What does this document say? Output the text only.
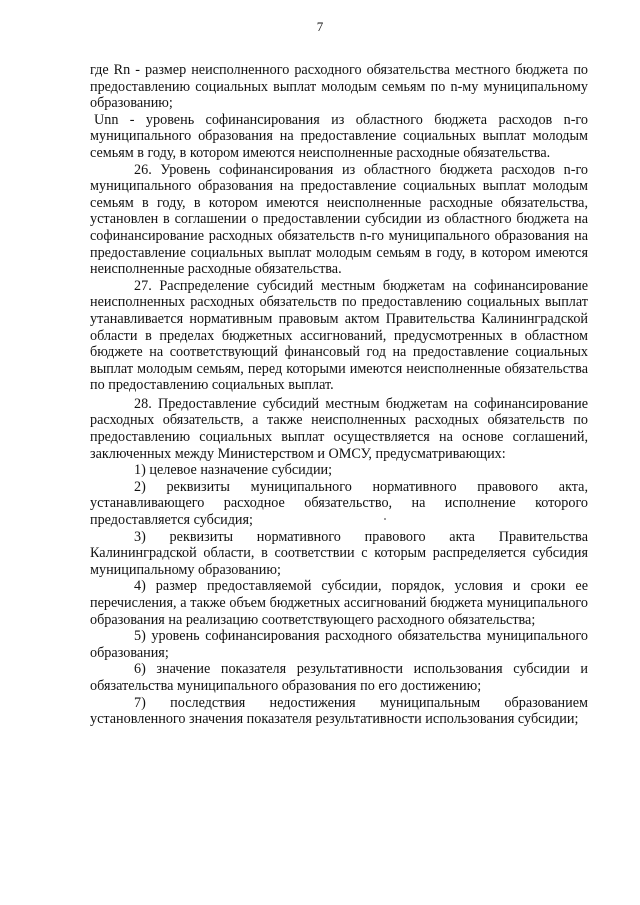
7

где Rn - размер неисполненного расходного обязательства местного бюджета по предоставлению социальных выплат молодым семьям по n-му муниципальному образованию;

Unn - уровень софинансирования из областного бюджета расходов n-го муниципального образования на предоставление социальных выплат молодым семьям в году, в котором имеются неисполненные расходные обязательства.

26. Уровень софинансирования из областного бюджета расходов n-го муниципального образования на предоставление социальных выплат молодым семьям в году, в котором имеются неисполненные расходные обязательства, установлен в соглашении о предоставлении субсидии из областного бюджета на софинансирование расходных обязательств n-го муниципального образования на предоставление социальных выплат молодым семьям в году, в котором имеются неисполненные расходные обязательства.

27. Распределение субсидий местным бюджетам на софинансирование неисполненных расходных обязательств по предоставлению социальных выплат утанавливается нормативным правовым актом Правительства Калининградской области в пределах бюджетных ассигнований, предусмотренных в областном бюджете на соответствующий финансовый год на предоставление социальных выплат молодым семьям, перед которыми имеются неисполненные обязательства по предоставлению социальных выплат.

28. Предоставление субсидий местным бюджетам на софинансирование расходных обязательств, а также неисполненных расходных обязательств по предоставлению социальных выплат осуществляется на основе соглашений, заключенных между Министерством и ОМСУ, предусматривающих:

1) целевое назначение субсидии;

2) реквизиты муниципального нормативного правового акта, устанавливающего расходное обязательство, на исполнение которого предоставляется субсидия;

3) реквизиты нормативного правового акта Правительства Калининградской области, в соответствии с которым распределяется субсидия муниципальному образованию;

4) размер предоставляемой субсидии, порядок, условия и сроки ее перечисления, а также объем бюджетных ассигнований бюджета муниципального образования на реализацию соответствующего расходного обязательства;

5) уровень софинансирования расходного обязательства муниципального образования;

6) значение показателя результативности использования субсидии и обязательства муниципального образования по его достижению;

7) последствия недостижения муниципальным образованием установленного значения показателя результативности использования субсидии;
